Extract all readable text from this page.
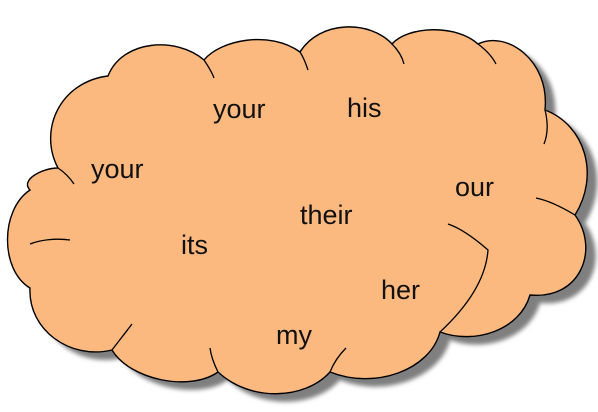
your	his
your
our
their
its
her
my
